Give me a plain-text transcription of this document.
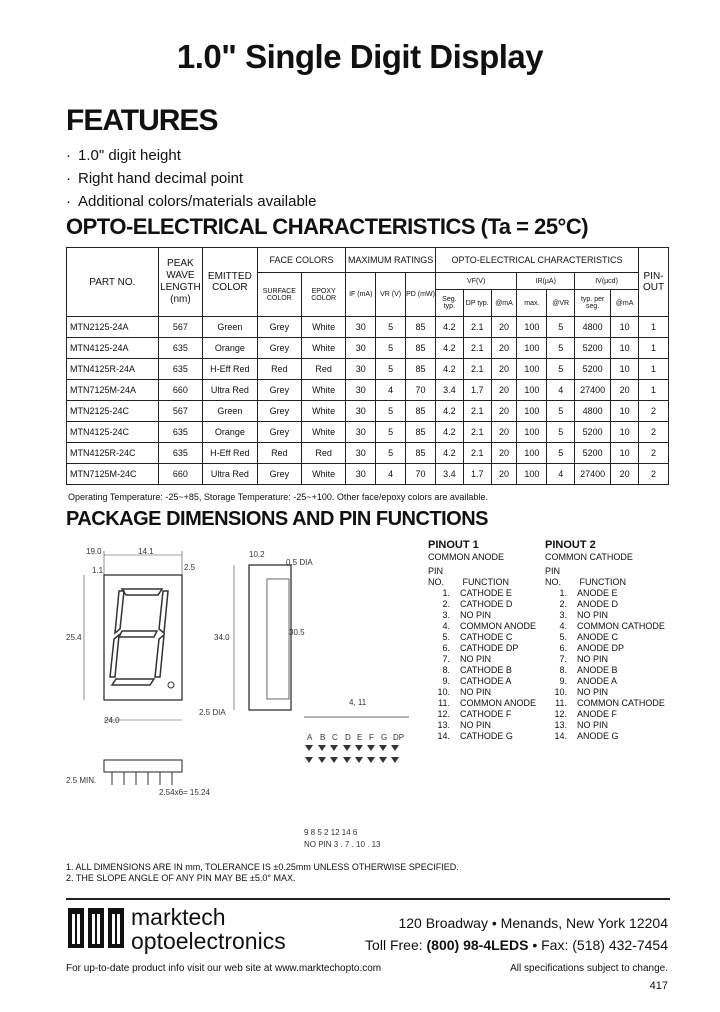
1.0" Single Digit Display
FEATURES
· 1.0" digit height
· Right hand decimal point
· Additional colors/materials available
OPTO-ELECTRICAL CHARACTERISTICS (Ta = 25°C)
PART NO.	PEAK WAVE LENGTH (nm)	EMITTED COLOR	FACE COLORS		MAXIMUM RATINGS			OPTO-ELECTRICAL CHARACTERISTICS							PIN-OUT
			SURFACE COLOR	EPOXY COLOR	IF (mA)	VR (V)	PD (mW)	VF(V)			IR(µA)		IV(µcd)		
								Seg. typ.	DP typ.	@mA	max.	@VR	typ. per seg.	@mA	
MTN2125-24A	567	Green	Grey	White	30	5	85	4.2	2.1	20	100	5	4800	10	1
MTN4125-24A	635	Orange	Grey	White	30	5	85	4.2	2.1	20	100	5	5200	10	1
MTN4125R-24A	635	H-Eff Red	Red	Red	30	5	85	4.2	2.1	20	100	5	5200	10	1
MTN7125M-24A	660	Ultra Red	Grey	White	30	4	70	3.4	1.7	20	100	4	27400	20	1
MTN2125-24C	567	Green	Grey	White	30	5	85	4.2	2.1	20	100	5	4800	10	2
MTN4125-24C	635	Orange	Grey	White	30	5	85	4.2	2.1	20	100	5	5200	10	2
MTN4125R-24C	635	H-Eff Red	Red	Red	30	5	85	4.2	2.1	20	100	5	5200	10	2
MTN7125M-24C	660	Ultra Red	Grey	White	30	4	70	3.4	1.7	20	100	4	27400	20	2
Operating Temperature: -25~+85, Storage Temperature: -25~+100. Other face/epoxy colors are available.
PACKAGE DIMENSIONS AND PIN FUNCTIONS
19.0	14.1
1.1
25.4
24.0
34.0
30.5
2.5
10.2
0.5 DIA
2.5 DIA
2.5 MIN.
2.54x6= 15.24
4, 11
A B C D E F G DP
9 8 5 2 12 14 6
NO PIN 3 . 7 . 10 . 13
PINOUT 1
COMMON ANODE
PIN NO. FUNCTION
1. CATHODE E
2. CATHODE D
3. NO PIN
4. COMMON ANODE
5. CATHODE C
6. CATHODE DP
7. NO PIN
8. CATHODE B
9. CATHODE A
10. NO PIN
11. COMMON ANODE
12. CATHODE F
13. NO PIN
14. CATHODE G
PINOUT 2
COMMON CATHODE
PIN NO. FUNCTION
1. ANODE E
2. ANODE D
3. NO PIN
4. COMMON CATHODE
5. ANODE C
6. ANODE DP
7. NO PIN
8. ANODE B
9. ANODE A
10. NO PIN
11. COMMON CATHODE
12. ANODE F
13. NO PIN
14. ANODE G
1. ALL DIMENSIONS ARE IN mm, TOLERANCE IS ±0.25mm UNLESS OTHERWISE SPECIFIED.
2. THE SLOPE ANGLE OF ANY PIN MAY BE ±5.0° MAX.
marktech
optoelectronics
120 Broadway • Menands, New York 12204
Toll Free: (800) 98-4LEDS • Fax: (518) 432-7454
For up-to-date product info visit our web site at www.marktechopto.com	All specifications subject to change.
417
